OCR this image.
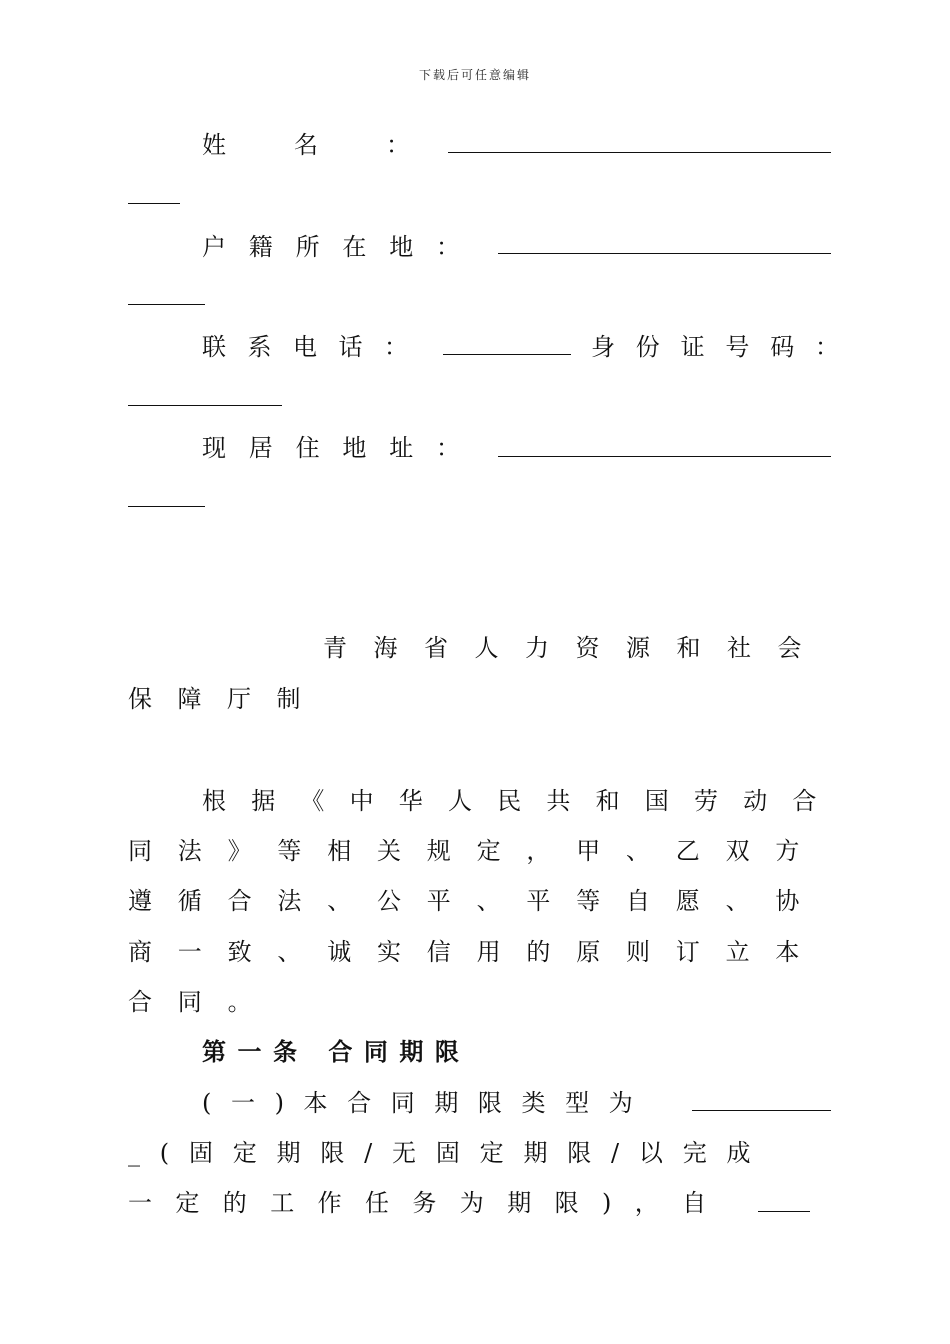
下载后可任意编辑
姓	名	：
户 籍 所 在 地 ：
联 系 电 话 ：	身 份 证 号 码 ：
现 居 住 地 址 ：
青海省人力资源和社会
保障厅制
根据《中华人民共和国劳动合
同法》等相关规定，甲、乙双方
遵循合法、公平、平等自愿、协
商一致、诚实信用的原则订立本
合同。
第一条 合同期限
(一)本合同期限类型为
_(固定期限/无固定期限/以完成
一定的工作任务为期限)，自
